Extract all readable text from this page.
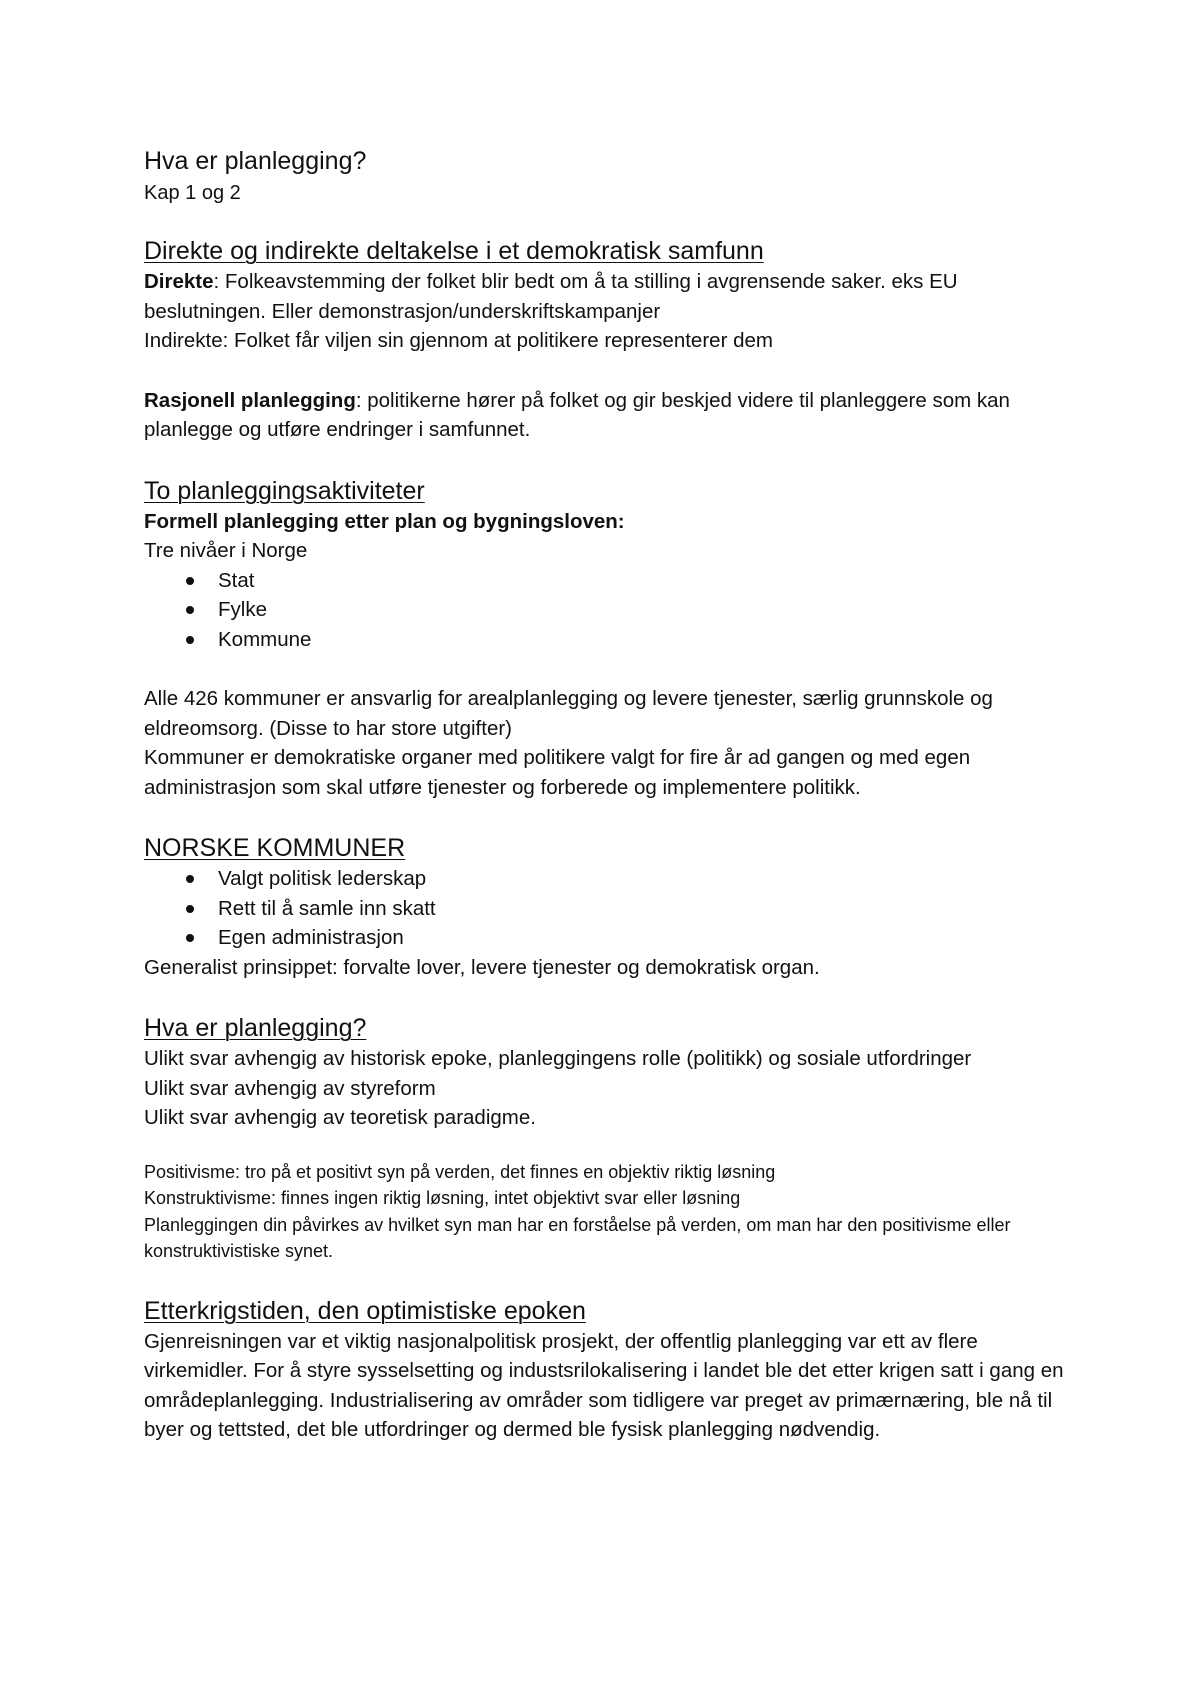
Hva er planlegging?
Kap 1 og 2
Direkte og indirekte deltakelse i et demokratisk samfunn

Direkte: Folkeavstemming der folket blir bedt om å ta stilling i avgrensende saker. eks EU beslutningen. Eller demonstrasjon/underskriftskampanjer

Indirekte: Folket får viljen sin gjennom at politikere representerer dem

Rasjonell planlegging: politikerne hører på folket og gir beskjed videre til planleggere som kan planlegge og utføre endringer i samfunnet.

To planleggingsaktiviteter

Formell planlegging etter plan og bygningsloven:

Tre nivåer i Norge

Stat
Fylke
Kommune

Alle 426 kommuner er ansvarlig for arealplanlegging og levere tjenester, særlig grunnskole og eldreomsorg. (Disse to har store utgifter)

Kommuner er demokratiske organer med politikere valgt for fire år ad gangen og med egen administrasjon som skal utføre tjenester og forberede og implementere politikk.

NORSKE KOMMUNER
Valgt politisk lederskap
Rett til å samle inn skatt
Egen administrasjon

Generalist prinsippet: forvalte lover, levere tjenester og demokratisk organ.

Hva er planlegging?

Ulikt svar avhengig av historisk epoke, planleggingens rolle (politikk) og sosiale utfordringer

Ulikt svar avhengig av styreform

Ulikt svar avhengig av teoretisk paradigme.

Positivisme: tro på et positivt syn på verden, det finnes en objektiv riktig løsning

Konstruktivisme: finnes ingen riktig løsning, intet objektivt svar eller løsning

Planleggingen din påvirkes av hvilket syn man har en forståelse på verden, om man har den positivisme eller konstruktivistiske synet.

Etterkrigstiden, den optimistiske epoken

Gjenreisningen var et viktig nasjonalpolitisk prosjekt, der offentlig planlegging var ett av flere virkemidler. For å styre sysselsetting og industsrilokalisering i landet ble det etter krigen satt i gang en områdeplanlegging. Industrialisering av områder som tidligere var preget av primærnæring, ble nå til byer og tettsted, det ble utfordringer og dermed ble fysisk planlegging nødvendig.
